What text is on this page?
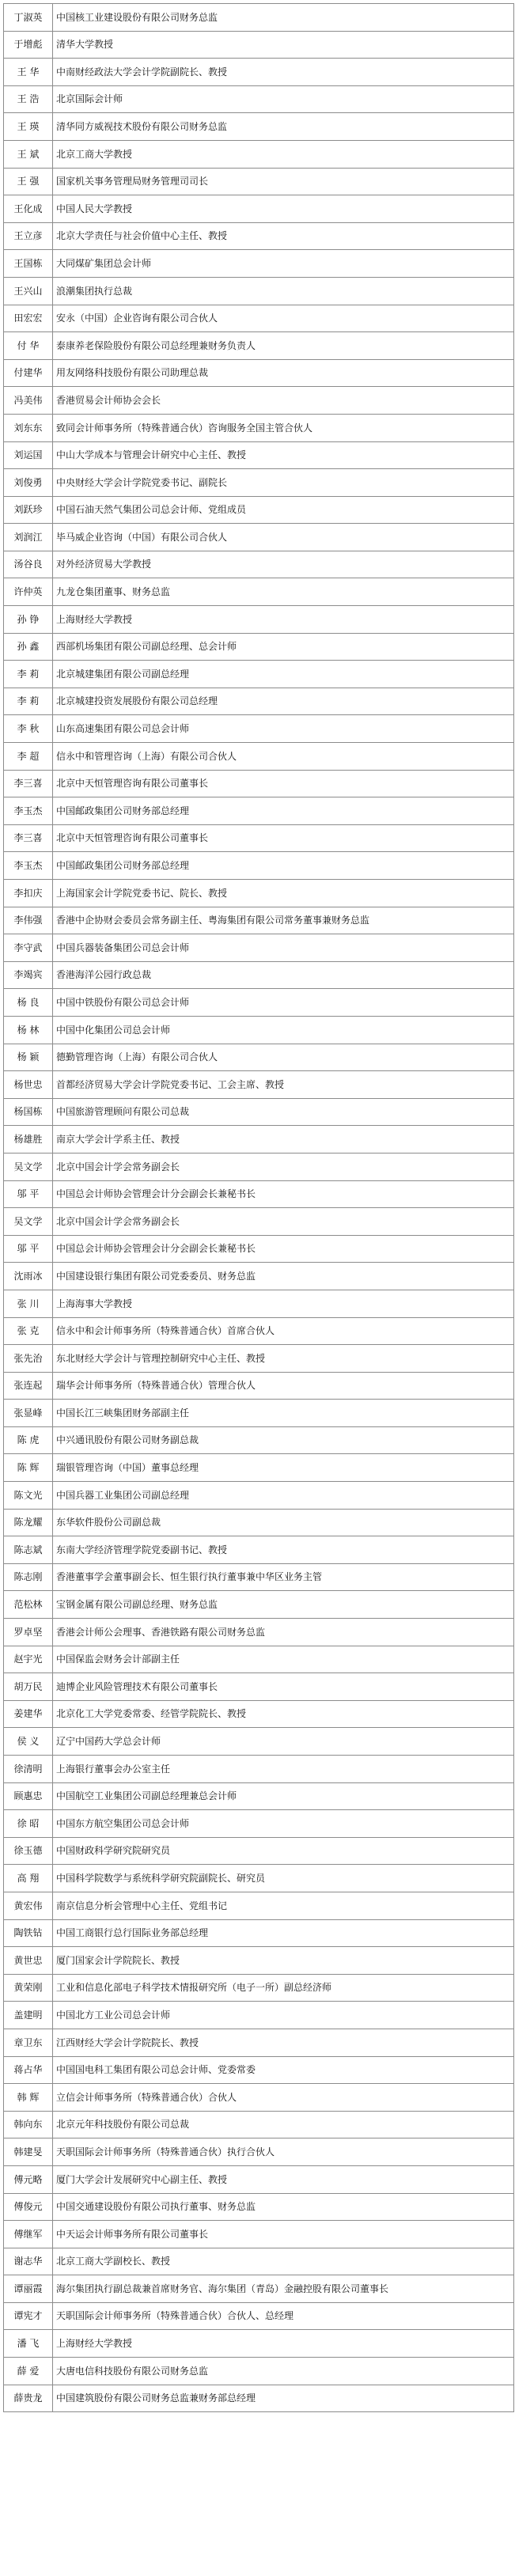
丁淑英	中国核工业建设股份有限公司财务总监
于增彪	清华大学教授
王 华	中南财经政法大学会计学院副院长、教授
王 浩	北京国际会计师
王 瑛	清华同方威视技术股份有限公司财务总监
王 斌	北京工商大学教授
王 强	国家机关事务管理局财务管理司司长
王化成	中国人民大学教授
王立彦	北京大学责任与社会价值中心主任、教授
王国栋	大同煤矿集团总会计师
王兴山	浪潮集团执行总裁
田宏宏	安永（中国）企业咨询有限公司合伙人
付 华	泰康养老保险股份有限公司总经理兼财务负责人
付建华	用友网络科技股份有限公司助理总裁
冯美伟	香港贸易会计师协会会长
刘东东	致同会计师事务所（特殊普通合伙）咨询服务全国主管合伙人
刘运国	中山大学成本与管理会计研究中心主任、教授
刘俊勇	中央财经大学会计学院党委书记、副院长
刘跃珍	中国石油天然气集团公司总会计师、党组成员
刘润江	毕马威企业咨询（中国）有限公司合伙人
汤谷良	对外经济贸易大学教授
许仲英	九龙仓集团董事、财务总监
孙 铮	上海财经大学教授
孙 鑫	西部机场集团有限公司副总经理、总会计师
李 莉	北京城建集团有限公司副总经理
李 莉	北京城建投资发展股份有限公司总经理
李 秋	山东高速集团有限公司总会计师
李 超	信永中和管理咨询（上海）有限公司合伙人
李三喜	北京中天恒管理咨询有限公司董事长
李玉杰	中国邮政集团公司财务部总经理
李三喜	北京中天恒管理咨询有限公司董事长
李玉杰	中国邮政集团公司财务部总经理
李扣庆	上海国家会计学院党委书记、院长、教授
李伟强	香港中企协财会委员会常务副主任、粤海集团有限公司常务董事兼财务总监
李守武	中国兵器装备集团公司总会计师
李竭宾	香港海洋公园行政总裁
杨 良	中国中铁股份有限公司总会计师
杨 林	中国中化集团公司总会计师
杨 颖	德勤管理咨询（上海）有限公司合伙人
杨世忠	首都经济贸易大学会计学院党委书记、工会主席、教授
杨国栋	中国旅游管理顾问有限公司总裁
杨雄胜	南京大学会计学系主任、教授
吴文学	北京中国会计学会常务副会长
邬 平	中国总会计师协会管理会计分会副会长兼秘书长
吴文学	北京中国会计学会常务副会长
邬 平	中国总会计师协会管理会计分会副会长兼秘书长
沈雨冰	中国建设银行集团有限公司党委委员、财务总监
张 川	上海海事大学教授
张 克	信永中和会计师事务所（特殊普通合伙）首席合伙人
张先治	东北财经大学会计与管理控制研究中心主任、教授
张连起	瑞华会计师事务所（特殊普通合伙）管理合伙人
张显峰	中国长江三峡集团财务部副主任
陈 虎	中兴通讯股份有限公司财务副总裁
陈 辉	瑞银管理咨询（中国）董事总经理
陈文光	中国兵器工业集团公司副总经理
陈龙耀	东华软件股份公司副总裁
陈志斌	东南大学经济管理学院党委副书记、教授
陈志刚	香港董事学会董事副会长、恒生银行执行董事兼中华区业务主管
范松林	宝钢金属有限公司副总经理、财务总监
罗卓坚	香港会计师公会理事、香港铁路有限公司财务总监
赵宇光	中国保监会财务会计部副主任
胡万民	迪博企业风险管理技术有限公司董事长
姜建华	北京化工大学党委常委、经管学院院长、教授
侯 义	辽宁中国药大学总会计师
徐清明	上海银行董事会办公室主任
顾惠忠	中国航空工业集团公司副总经理兼总会计师
徐 昭	中国东方航空集团公司总会计师
徐玉德	中国财政科学研究院研究员
高 翔	中国科学院数学与系统科学研究院副院长、研究员
黄宏伟	南京信息分析会管理中心主任、党组书记
陶铁钻	中国工商银行总行国际业务部总经理
黄世忠	厦门国家会计学院院长、教授
黄荣刚	工业和信息化部电子科学技术情报研究所（电子一所）副总经济师
盖建明	中国北方工业公司总会计师
章卫东	江西财经大学会计学院院长、教授
蒋占华	中国国电科工集团有限公司总会计师、党委常委
韩 辉	立信会计师事务所（特殊普通合伙）合伙人
韩向东	北京元年科技股份有限公司总裁
韩建旻	天职国际会计师事务所（特殊普通合伙）执行合伙人
傅元略	厦门大学会计发展研究中心副主任、教授
傅俊元	中国交通建设股份有限公司执行董事、财务总监
傅继军	中天运会计师事务所有限公司董事长
谢志华	北京工商大学副校长、教授
谭丽霞	海尔集团执行副总裁兼首席财务官、海尔集团（青岛）金融控股有限公司董事长
谭宪才	天职国际会计师事务所（特殊普通合伙）合伙人、总经理
潘 飞	上海财经大学教授
薛 爱	大唐电信科技股份有限公司财务总监
薛贵龙	中国建筑股份有限公司财务总监兼财务部总经理
